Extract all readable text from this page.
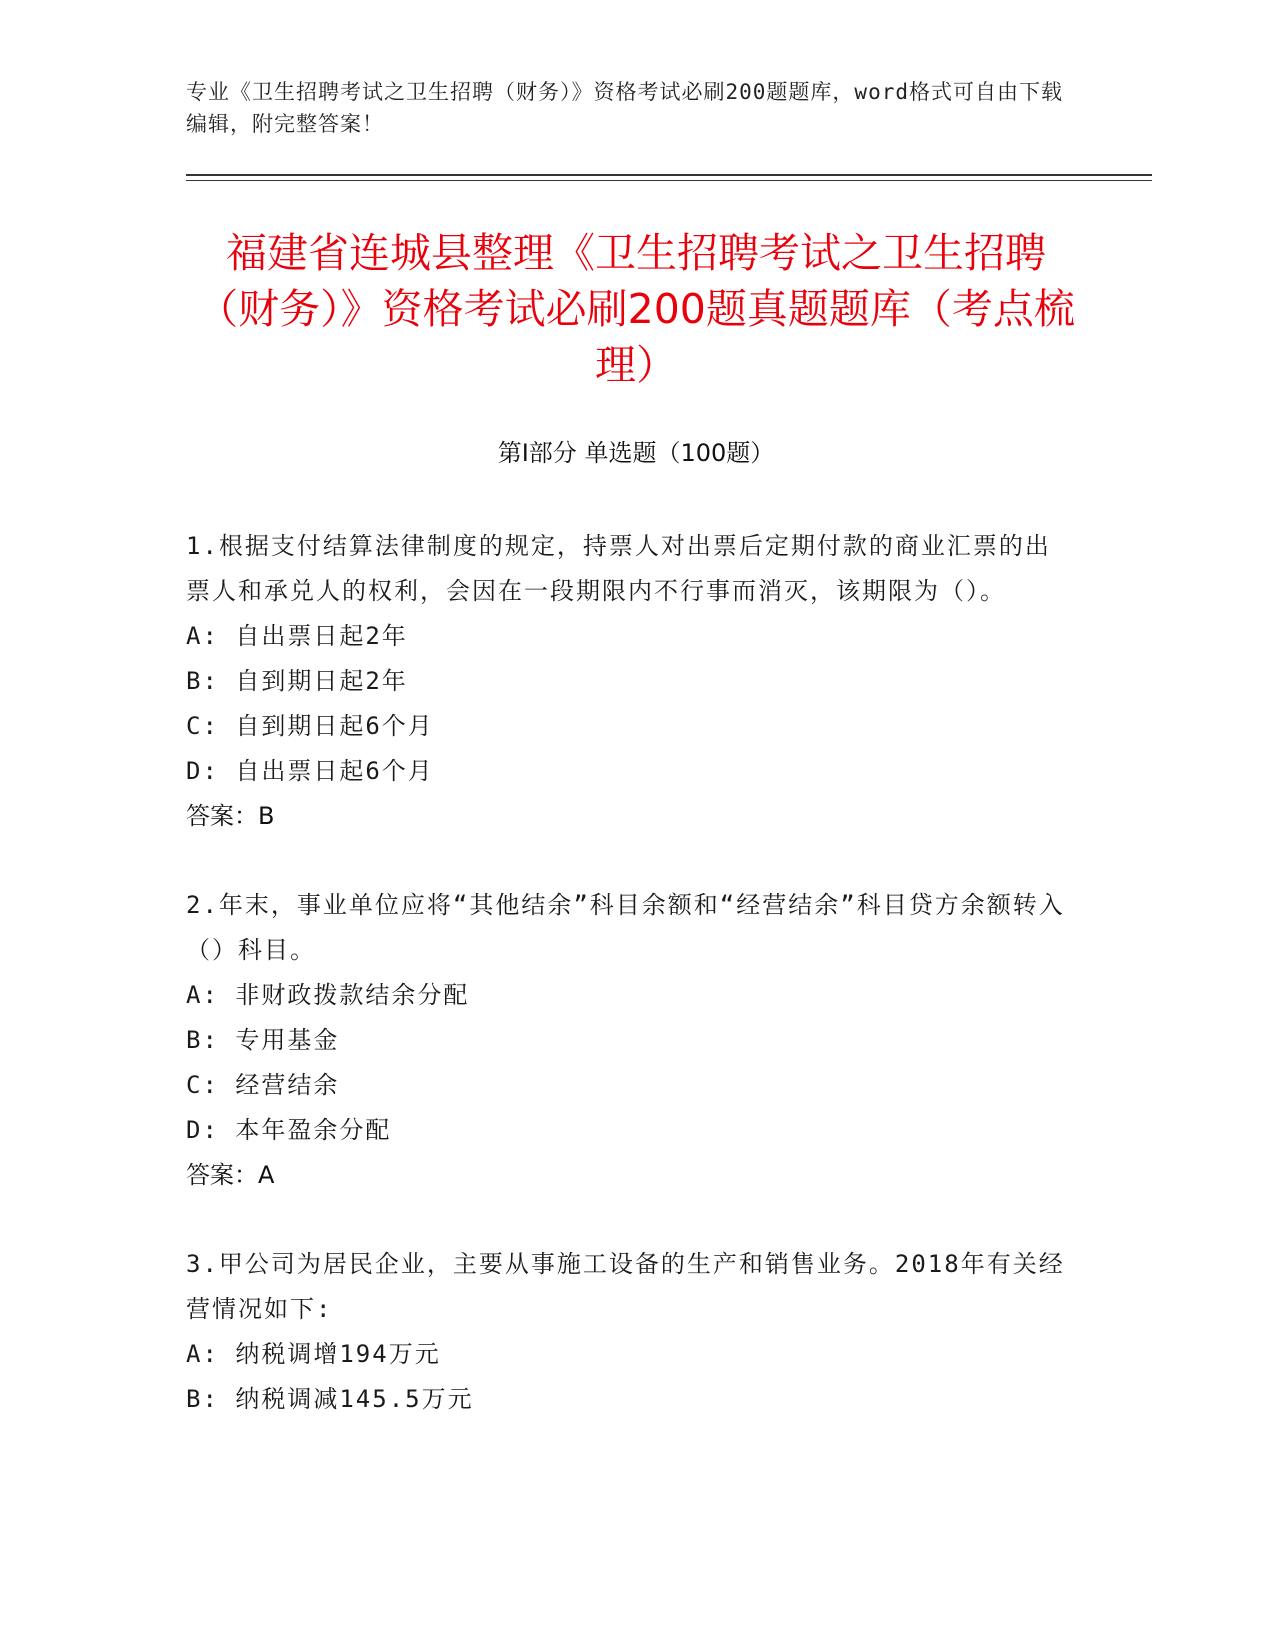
专业《卫生招聘考试之卫生招聘（财务）》资格考试必刷200题题库，word格式可自由下载编辑，附完整答案！
福建省连城县整理《卫生招聘考试之卫生招聘（财务）》资格考试必刷200题真题题库（考点梳理）
第Ⅰ部分 单选题（100题）
1.根据支付结算法律制度的规定，持票人对出票后定期付款的商业汇票的出票人和承兑人的权利，会因在一段期限内不行事而消灭，该期限为（）。
A: 自出票日起2年
B: 自到期日起2年
C: 自到期日起6个月
D: 自出票日起6个月
答案：B
2.年末，事业单位应将“其他结余”科目余额和“经营结余”科目贷方余额转入（）科目。
A: 非财政拨款结余分配
B: 专用基金
C: 经营结余
D: 本年盈余分配
答案：A
3.甲公司为居民企业，主要从事施工设备的生产和销售业务。2018年有关经营情况如下:
A: 纳税调增194万元
B: 纳税调减145.5万元
